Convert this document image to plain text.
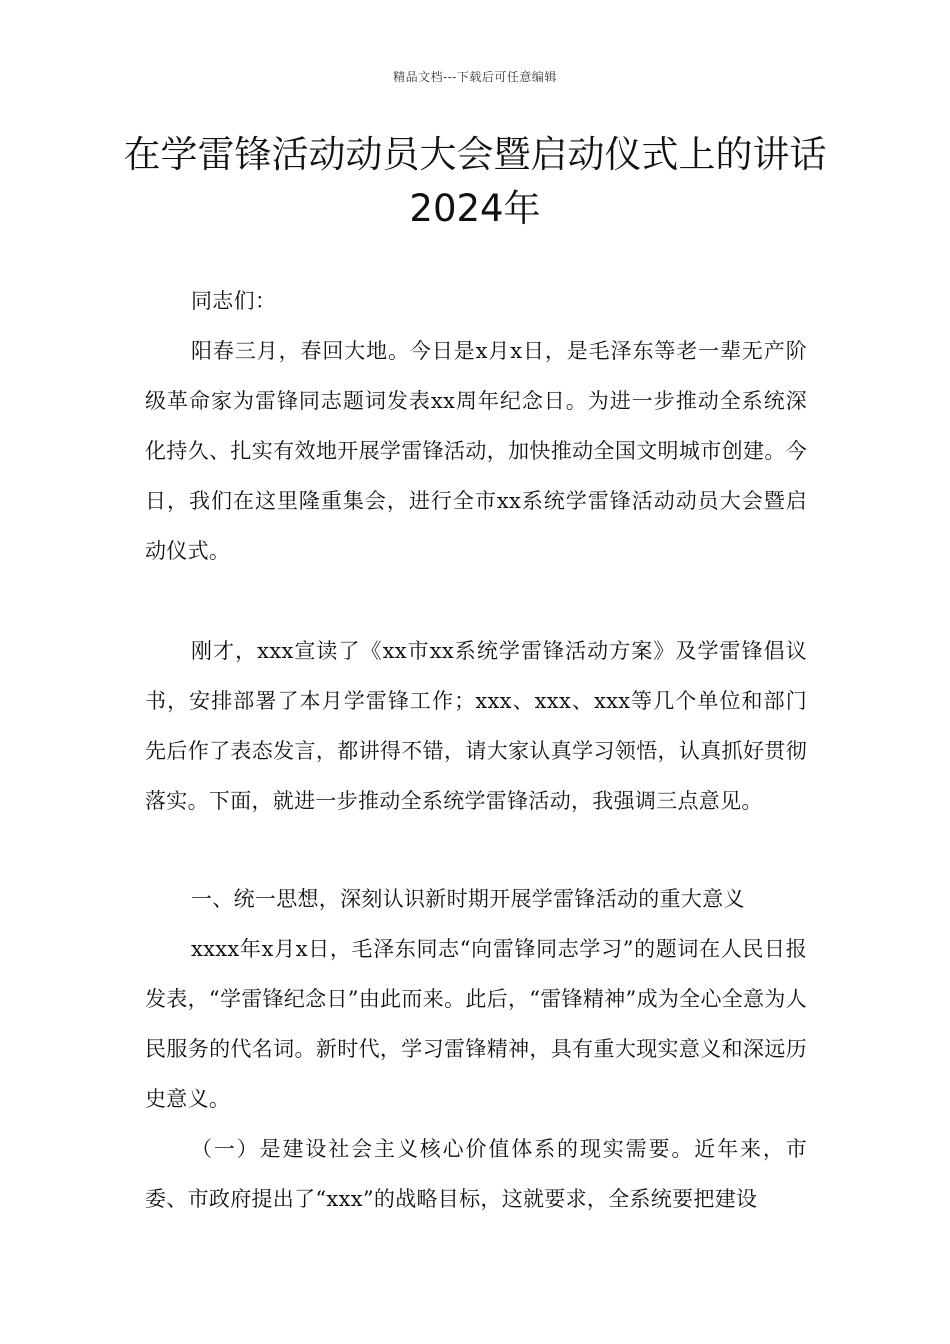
精品文档---下载后可任意编辑
在学雷锋活动动员大会暨启动仪式上的讲话2024年

同志们：

阳春三月，春回大地。今日是x月x日，是毛泽东等老一辈无产阶级革命家为雷锋同志题词发表xx周年纪念日。为进一步推动全系统深化持久、扎实有效地开展学雷锋活动，加快推动全国文明城市创建。今日，我们在这里隆重集会，进行全市xx系统学雷锋活动动员大会暨启动仪式。

刚才，xxx宣读了《xx市xx系统学雷锋活动方案》及学雷锋倡议书，安排部署了本月学雷锋工作；xxx、xxx、xxx等几个单位和部门先后作了表态发言，都讲得不错，请大家认真学习领悟，认真抓好贯彻落实。下面，就进一步推动全系统学雷锋活动，我强调三点意见。

一、统一思想，深刻认识新时期开展学雷锋活动的重大意义

xxxx年x月x日，毛泽东同志“向雷锋同志学习”的题词在人民日报发表，“学雷锋纪念日”由此而来。此后，“雷锋精神”成为全心全意为人民服务的代名词。新时代，学习雷锋精神，具有重大现实意义和深远历史意义。

（一）是建设社会主义核心价值体系的现实需要。近年来，市委、市政府提出了“xxx”的战略目标，这就要求，全系统要把建设
